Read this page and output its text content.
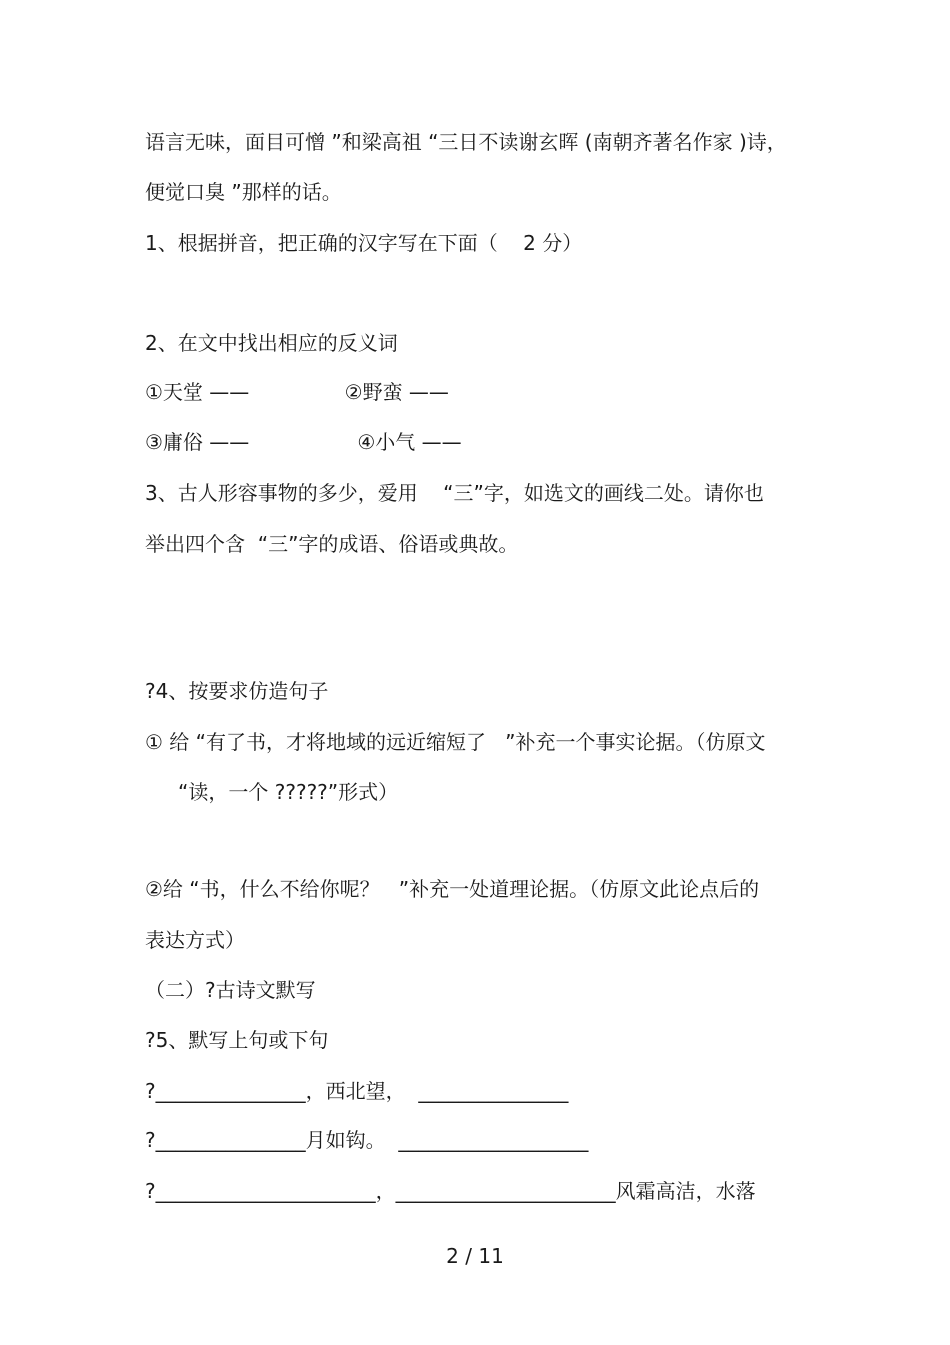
语言无味，面目可憎 ”和梁高祖 “三日不读谢玄晖 (南朝齐著名作家 )诗，
便觉口臭 ”那样的话。
1、根据拼音，把正确的汉字写在下面（    2 分）
2、在文中找出相应的反义词
①天堂 ——               ②野蛮 ——
③庸俗 ——                 ④小气 ——
3、古人形容事物的多少，爱用    “三”字，如选文的画线二处。请你也
举出四个含  “三”字的成语、俗语或典故。
?4、按要求仿造句子
① 给 “有了书，才将地域的远近缩短了   ”补充一个事实论据。（仿原文
“读，一个 ?????”形式）
②给 “书，什么不给你呢？   ”补充一处道理论据。（仿原文此论点后的
表达方式）
（二）?古诗文默写
?5、默写上句或下句
?_______________，西北望，  _______________
?_______________月如钩。  ___________________
?______________________，______________________风霜高洁，水落
2 / 11
